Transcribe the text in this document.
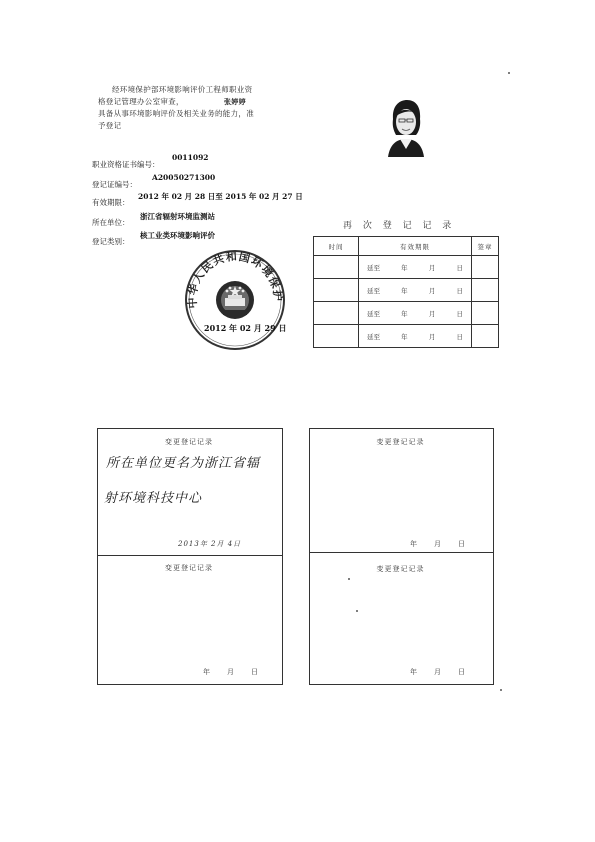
经环境保护部环境影响评价工程师职业资
格登记管理办公室审查，	张婷婷
具备从事环境影响评价及相关业务的能力，准
予登记
职业资格证书编号：
0011092
登记证编号：
A20050271300
有效期限：
2012 年 02 月 28 日至 2015 年 02 月 27 日
所在单位：
浙江省辐射环境监测站
登记类别：
核工业类环境影响评价
中华人民共和国环境保护
2012 年 02 月 29 日
再 次 登 记 记 录
时间	有效期限	签章

	延至 年 月 日	

	延至 年 月 日	

	延至 年 月 日	

	延至 年 月 日	

变更登记记录
所在单位更名为浙江省辐
射环境科技中心
2013年 2月 4日
变更登记记录
年　　月　　日
变更登记记录
年　　月　　日
变更登记记录
年　　月　　日
